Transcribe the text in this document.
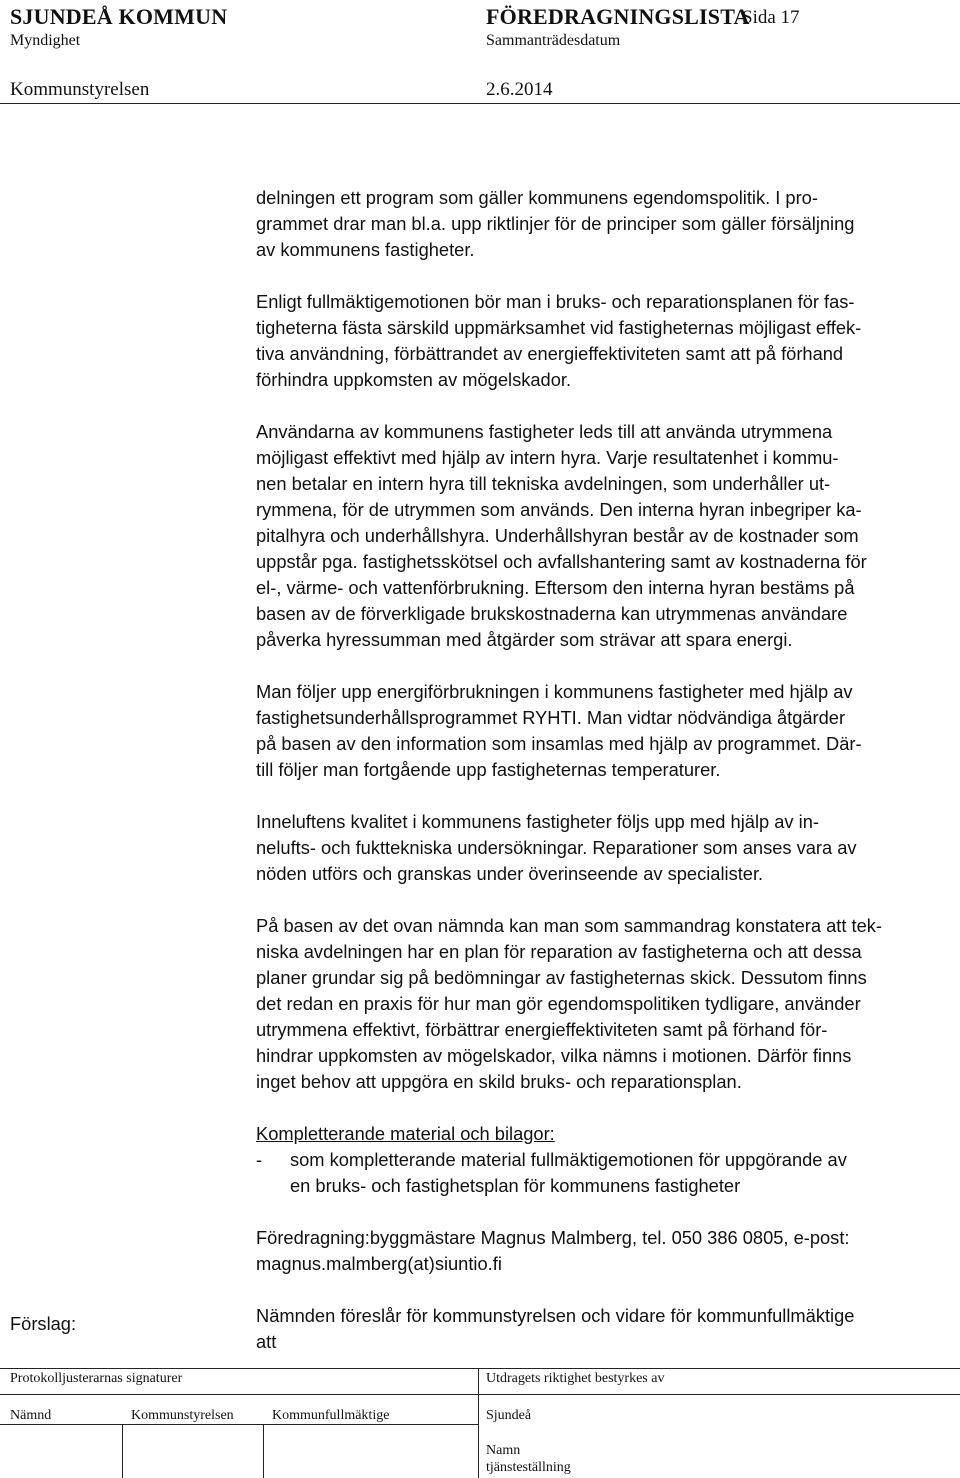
SJUNDEÅ KOMMUN	FÖREDRAGNINGSLISTA
Sida 17
Myndighet	Sammanträdesdatum
Kommunstyrelsen	2.6.2014

delningen ett program som gäller kommunens egendomspolitik. I pro-

grammet drar man bl.a. upp riktlinjer för de principer som gäller försäljning

av kommunens fastigheter.

Enligt fullmäktigemotionen bör man i bruks- och reparationsplanen för fas-

tigheterna fästa särskild uppmärksamhet vid fastigheternas möjligast effek-

tiva användning, förbättrandet av energieffektiviteten samt att på förhand

förhindra uppkomsten av mögelskador.

Användarna av kommunens fastigheter leds till att använda utrymmena

möjligast effektivt med hjälp av intern hyra. Varje resultatenhet i kommu-

nen betalar en intern hyra till tekniska avdelningen, som underhåller ut-

rymmena, för de utrymmen som används. Den interna hyran inbegriper ka-

pitalhyra och underhållshyra. Underhållshyran består av de kostnader som

uppstår pga. fastighetsskötsel och avfallshantering samt av kostnaderna för

el-, värme- och vattenförbrukning. Eftersom den interna hyran bestäms på

basen av de förverkligade brukskostnaderna kan utrymmenas användare

påverka hyressumman med åtgärder som strävar att spara energi.

Man följer upp energiförbrukningen i kommunens fastigheter med hjälp av

fastighetsunderhållsprogrammet RYHTI. Man vidtar nödvändiga åtgärder

på basen av den information som insamlas med hjälp av programmet. Där-

till följer man fortgående upp fastigheternas temperaturer.

Inneluftens kvalitet i kommunens fastigheter följs upp med hjälp av in-

nelufts- och fukttekniska undersökningar. Reparationer som anses vara av

nöden utförs och granskas under överinseende av specialister.

På basen av det ovan nämnda kan man som sammandrag konstatera att tek-

niska avdelningen har en plan för reparation av fastigheterna och att dessa

planer grundar sig på bedömningar av fastigheternas skick. Dessutom finns

det redan en praxis för hur man gör egendomspolitiken tydligare, använder

utrymmena effektivt, förbättrar energieffektiviteten samt på förhand för-

hindrar uppkomsten av mögelskador, vilka nämns i motionen. Därför finns

inget behov att uppgöra en skild bruks- och reparationsplan.

Kompletterande material och bilagor:

-	som kompletterande material fullmäktigemotionen för uppgörande av

en bruks- och fastighetsplan för kommunens fastigheter

Föredragning:byggmästare Magnus Malmberg, tel. 050 386 0805, e-post:

magnus.malmberg(at)siuntio.fi

Nämnden föreslår för kommunstyrelsen och vidare för kommunfullmäktige

att

Förslag:
Protokolljusterarnas signaturer	Utdragets riktighet bestyrkes av
Nämnd	Kommunstyrelsen	Kommunfullmäktige	Sjundeå
Namn
tjänsteställning
